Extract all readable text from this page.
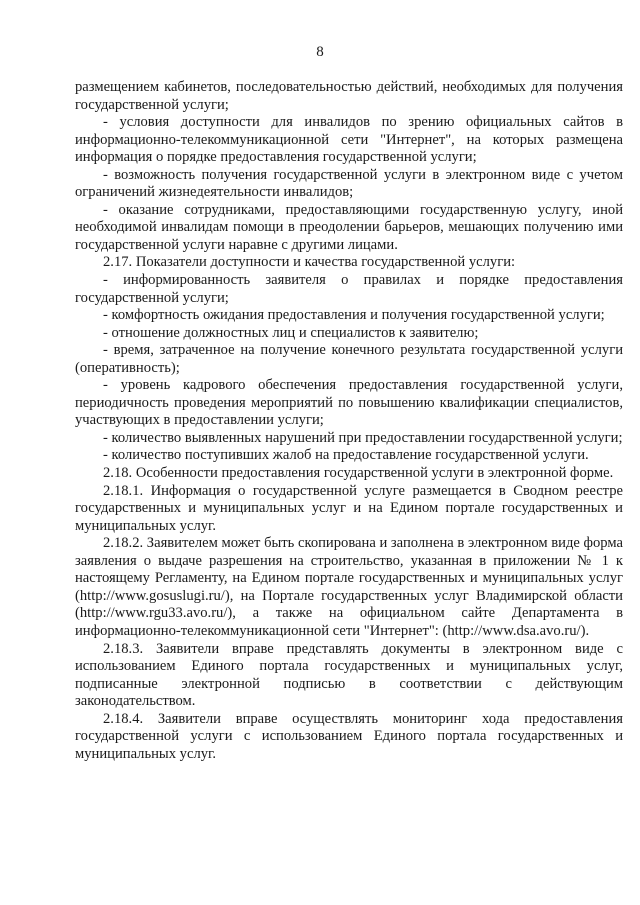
8

размещением кабинетов, последовательностью действий, необходимых для получения государственной услуги;

- условия доступности для инвалидов по зрению официальных сайтов в информационно-телекоммуникационной сети "Интернет", на которых размещена информация о порядке предоставления государственной услуги;

- возможность получения государственной услуги в электронном виде с учетом ограничений жизнедеятельности инвалидов;

- оказание сотрудниками, предоставляющими государственную услугу, иной необходимой инвалидам помощи в преодолении барьеров, мешающих получению ими государственной услуги наравне с другими лицами.

2.17. Показатели доступности и качества государственной услуги:

- информированность заявителя о правилах и порядке предоставления государственной услуги;

- комфортность ожидания предоставления и получения государственной услуги;

- отношение должностных лиц и специалистов к заявителю;

- время, затраченное на получение конечного результата государственной услуги (оперативность);

- уровень кадрового обеспечения предоставления государственной услуги, периодичность проведения мероприятий по повышению квалификации специалистов, участвующих в предоставлении услуги;

- количество выявленных нарушений при предоставлении государственной услуги;

- количество поступивших жалоб на предоставление государственной услуги.

2.18. Особенности предоставления государственной услуги в электронной форме.

2.18.1. Информация о государственной услуге размещается в Сводном реестре государственных и муниципальных услуг и на Едином портале государственных и муниципальных услуг.

2.18.2. Заявителем может быть скопирована и заполнена в электронном виде форма заявления о выдаче разрешения на строительство, указанная в приложении № 1 к настоящему Регламенту, на Едином портале государственных и муниципальных услуг (http://www.gosuslugi.ru/), на Портале государственных услуг Владимирской области (http://www.rgu33.avo.ru/), а также на официальном сайте Департамента в информационно-телекоммуникационной сети "Интернет": (http://www.dsa.avo.ru/).

2.18.3. Заявители вправе представлять документы в электронном виде с использованием Единого портала государственных и муниципальных услуг, подписанные электронной подписью в соответствии с действующим законодательством.

2.18.4. Заявители вправе осуществлять мониторинг хода предоставления государственной услуги с использованием Единого портала государственных и муниципальных услуг.
